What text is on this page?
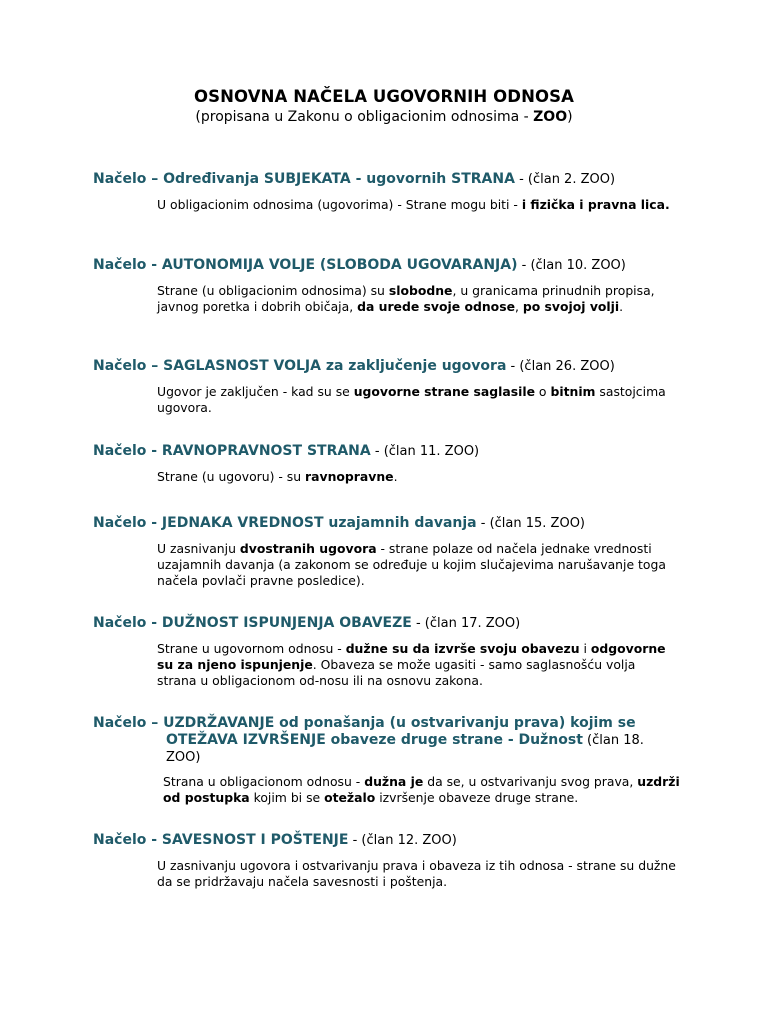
OSNOVNA NAČELA UGOVORNIH ODNOSA
(propisana u Zakonu o obligacionim odnosima - ZOO)
Načelo – Određivanja SUBJEKATA - ugovornih STRANA - (član 2. ZOO)
U obligacionim odnosima (ugovorima) - Strane mogu biti - i fizička i pravna lica.
Načelo - AUTONOMIJA VOLJE (SLOBODA UGOVARANJA) - (član 10. ZOO)
Strane (u obligacionim odnosima) su slobodne, u granicama prinudnih propisa, javnog poretka i dobrih običaja, da urede svoje odnose, po svojoj volji.
Načelo – SAGLASNOST VOLJA za zaključenje ugovora - (član 26. ZOO)
Ugovor je zaključen - kad su se ugovorne strane saglasile o bitnim sastojcima ugovora.
Načelo - RAVNOPRAVNOST STRANA - (član 11. ZOO)
Strane (u ugovoru) - su ravnopravne.
Načelo - JEDNAKA VREDNOST uzajamnih davanja - (član 15. ZOO)
U zasnivanju dvostranih ugovora - strane polaze od načela jednake vrednosti uzajamnih davanja (a zakonom se određuje u kojim slučajevima narušavanje toga načela povlači pravne posledice).
Načelo - DUŽNOST ISPUNJENJA OBAVEZE - (član 17. ZOO)
Strane u ugovornom odnosu - dužne su da izvrše svoju obavezu i odgovorne su za njeno ispunjenje. Obaveza se može ugasiti - samo saglasnošću volja strana u obligacionom od-nosu ili na osnovu zakona.
Načelo – UZDRŽAVANJE od ponašanja (u ostvarivanju prava) kojim se
OTEŽAVA IZVRŠENJE obaveze druge strane - Dužnost (član 18.
ZOO)
Strana u obligacionom odnosu - dužna je da se, u ostvarivanju svog prava, uzdrži od postupka kojim bi se otežalo izvršenje obaveze druge strane.
Načelo - SAVESNOST I POŠTENJE - (član 12. ZOO)
U zasnivanju ugovora i ostvarivanju prava i obaveza iz tih odnosa - strane su dužne da se pridržavaju načela savesnosti i poštenja.
